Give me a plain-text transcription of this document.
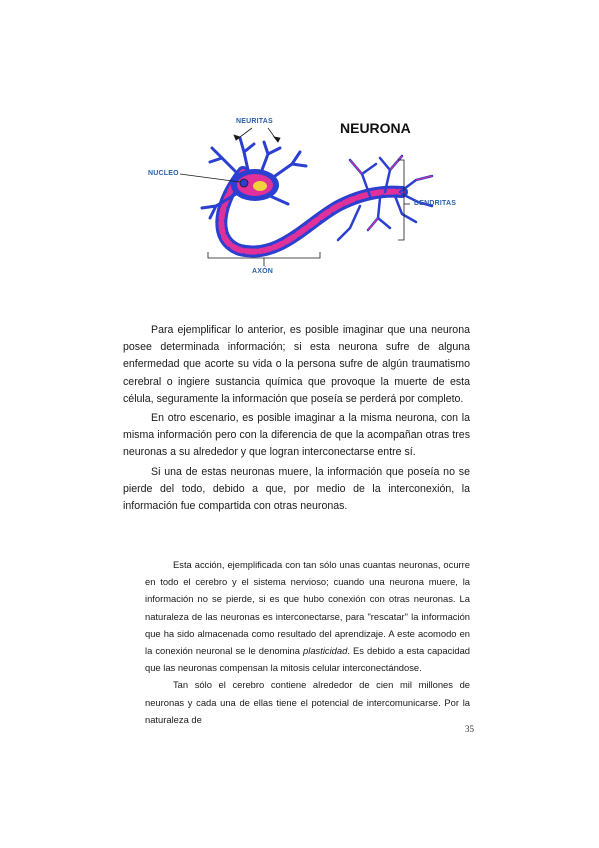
NEURONA
NEURITAS
NUCLEO
DENDRITAS
AXÓN

Para ejemplificar lo anterior, es posible imaginar que una neurona posee determinada información; si esta neurona sufre de alguna enfermedad que acorte su vida o la persona sufre de algún traumatismo cerebral o ingiere sustancia química que provoque la muerte de esta célula, seguramente la información que poseía se perderá por completo.

En otro escenario, es posible imaginar a la misma neurona, con la misma información pero con la diferencia de que la acompañan otras tres neuronas a su alrededor y que logran interconectarse entre sí.

Si una de estas neuronas muere, la información que poseía no se pierde del todo, debido a que, por medio de la interconexión, la información fue compartida con otras neuronas.

Esta acción, ejemplificada con tan sólo unas cuantas neuronas, ocurre en todo el cerebro y el sistema nervioso; cuando una neurona muere, la información no se pierde, si es que hubo conexión con otras neuronas. La naturaleza de las neuronas es interconectarse, para "rescatar" la información que ha sido almacenada como resultado del aprendizaje. A este acomodo en la conexión neuronal se le denomina plasticidad. Es debido a esta capacidad que las neuronas compensan la mitosis celular interconectándose.

Tan sólo el cerebro contiene alrededor de cien mil millones de neuronas y cada una de ellas tiene el potencial de intercomunicarse. Por la naturaleza de

35
